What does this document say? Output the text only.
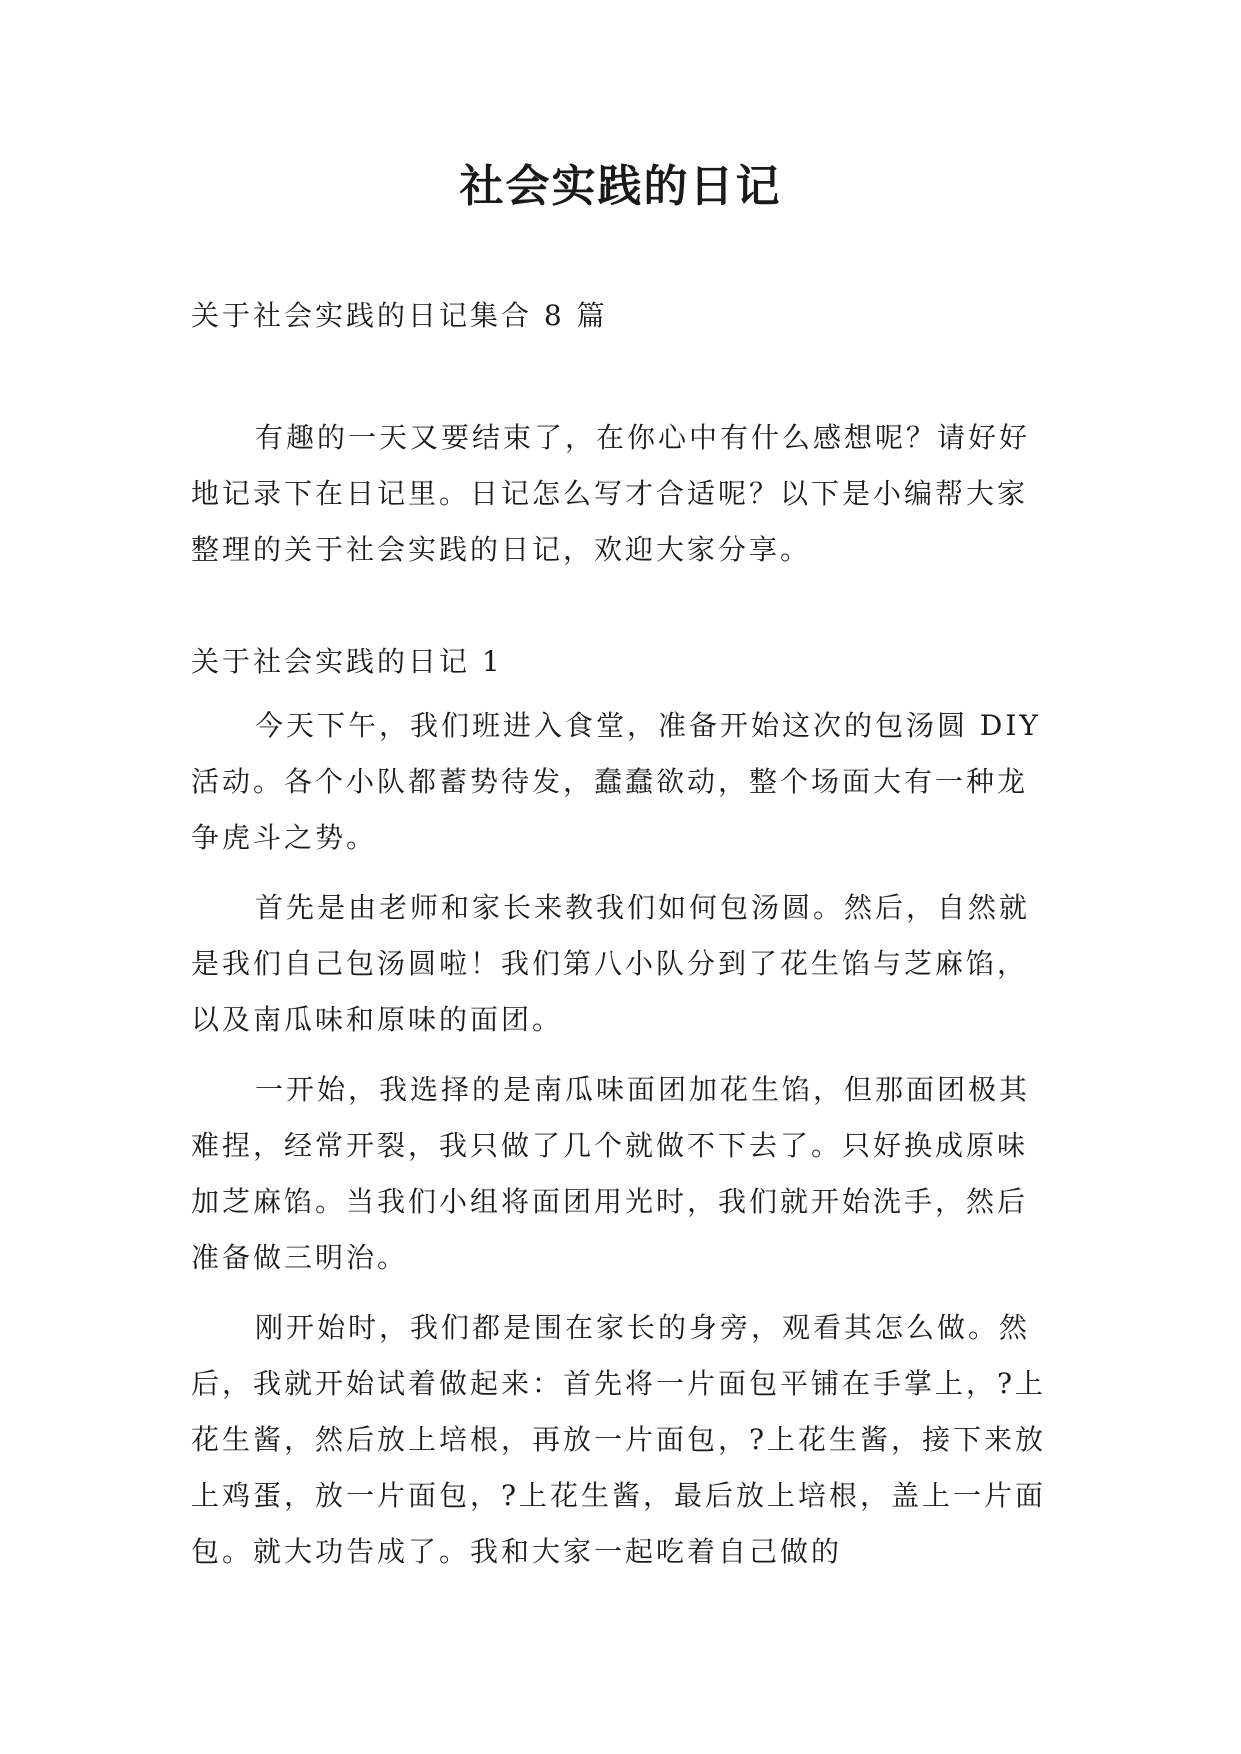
社会实践的日记

关于社会实践的日记集合 8 篇

有趣的一天又要结束了，在你心中有什么感想呢？请好好地记录下在日记里。日记怎么写才合适呢？以下是小编帮大家整理的关于社会实践的日记，欢迎大家分享。

关于社会实践的日记 1

今天下午，我们班进入食堂，准备开始这次的包汤圆 DIY 活动。各个小队都蓄势待发，蠢蠢欲动，整个场面大有一种龙争虎斗之势。

首先是由老师和家长来教我们如何包汤圆。然后，自然就是我们自己包汤圆啦！我们第八小队分到了花生馅与芝麻馅，以及南瓜味和原味的面团。

一开始，我选择的是南瓜味面团加花生馅，但那面团极其难捏，经常开裂，我只做了几个就做不下去了。只好换成原味加芝麻馅。当我们小组将面团用光时，我们就开始洗手，然后准备做三明治。

刚开始时，我们都是围在家长的身旁，观看其怎么做。然后，我就开始试着做起来：首先将一片面包平铺在手掌上，?上花生酱，然后放上培根，再放一片面包，?上花生酱，接下来放上鸡蛋，放一片面包，?上花生酱，最后放上培根，盖上一片面包。就大功告成了。我和大家一起吃着自己做的
